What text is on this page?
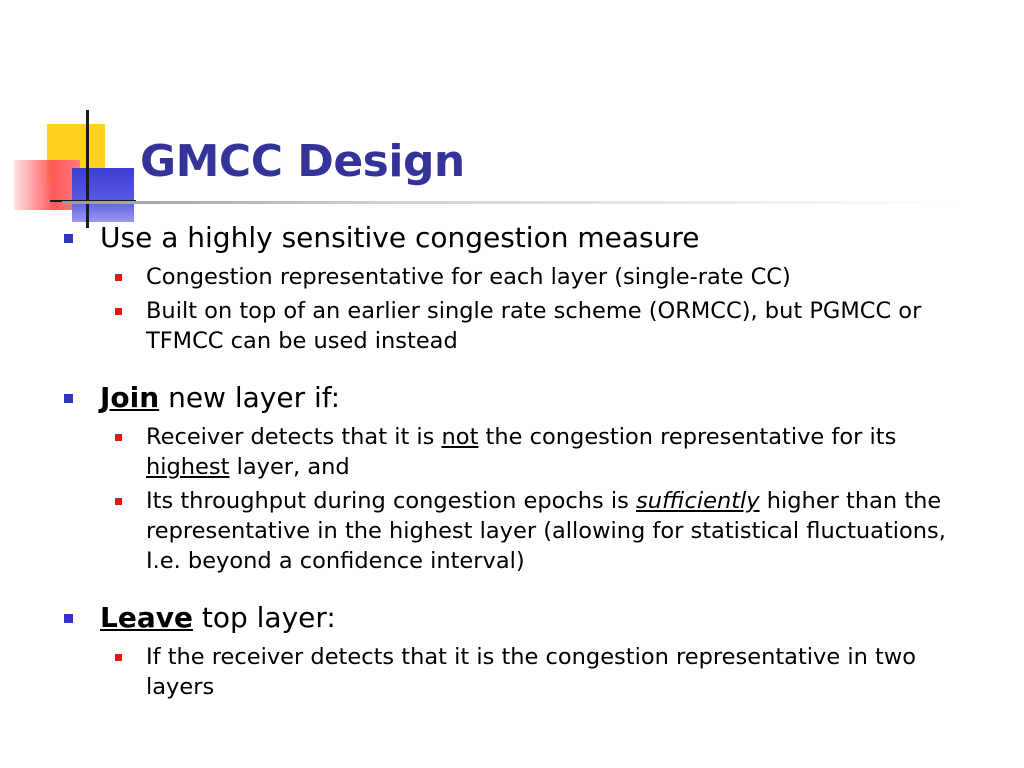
GMCC Design
Use a highly sensitive congestion measure
Congestion representative for each layer (single-rate CC)
Built on top of an earlier single rate scheme (ORMCC), but PGMCC or TFMCC can be used instead
Join new layer if:
Receiver detects that it is not the congestion representative for its highest layer, and
Its throughput during congestion epochs is sufficiently higher than the representative in the highest layer (allowing for statistical fluctuations, I.e. beyond a confidence interval)
Leave top layer:
If the receiver detects that it is the congestion representative in two layers
